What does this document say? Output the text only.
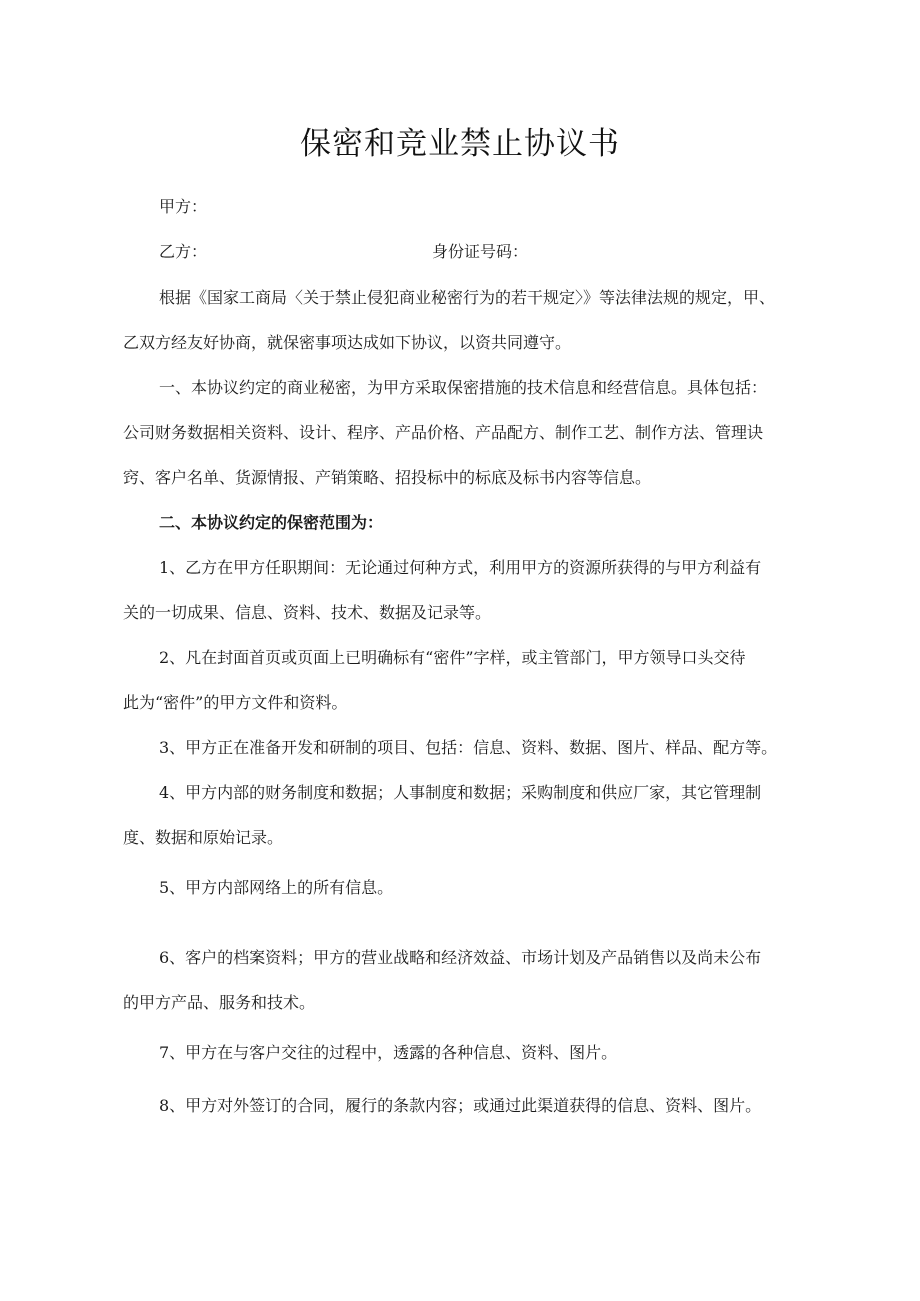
保密和竞业禁止协议书
甲方：
乙方：	身份证号码：
根据《国家工商局〈关于禁止侵犯商业秘密行为的若干规定〉》等法律法规的规定，甲、
乙双方经友好协商，就保密事项达成如下协议，以资共同遵守。
一、本协议约定的商业秘密，为甲方采取保密措施的技术信息和经营信息。具体包括：
公司财务数据相关资料、设计、程序、产品价格、产品配方、制作工艺、制作方法、管理诀
窍、客户名单、货源情报、产销策略、招投标中的标底及标书内容等信息。
二、本协议约定的保密范围为：
1、乙方在甲方任职期间：无论通过何种方式，利用甲方的资源所获得的与甲方利益有
关的一切成果、信息、资料、技术、数据及记录等。
2、凡在封面首页或页面上已明确标有“密件”字样，或主管部门，甲方领导口头交待
此为“密件”的甲方文件和资料。
3、甲方正在准备开发和研制的项目、包括：信息、资料、数据、图片、样品、配方等。
4、甲方内部的财务制度和数据；人事制度和数据；采购制度和供应厂家，其它管理制
度、数据和原始记录。
5、甲方内部网络上的所有信息。
6、客户的档案资料；甲方的营业战略和经济效益、市场计划及产品销售以及尚未公布
的甲方产品、服务和技术。
7、甲方在与客户交往的过程中，透露的各种信息、资料、图片。
8、甲方对外签订的合同，履行的条款内容；或通过此渠道获得的信息、资料、图片。
